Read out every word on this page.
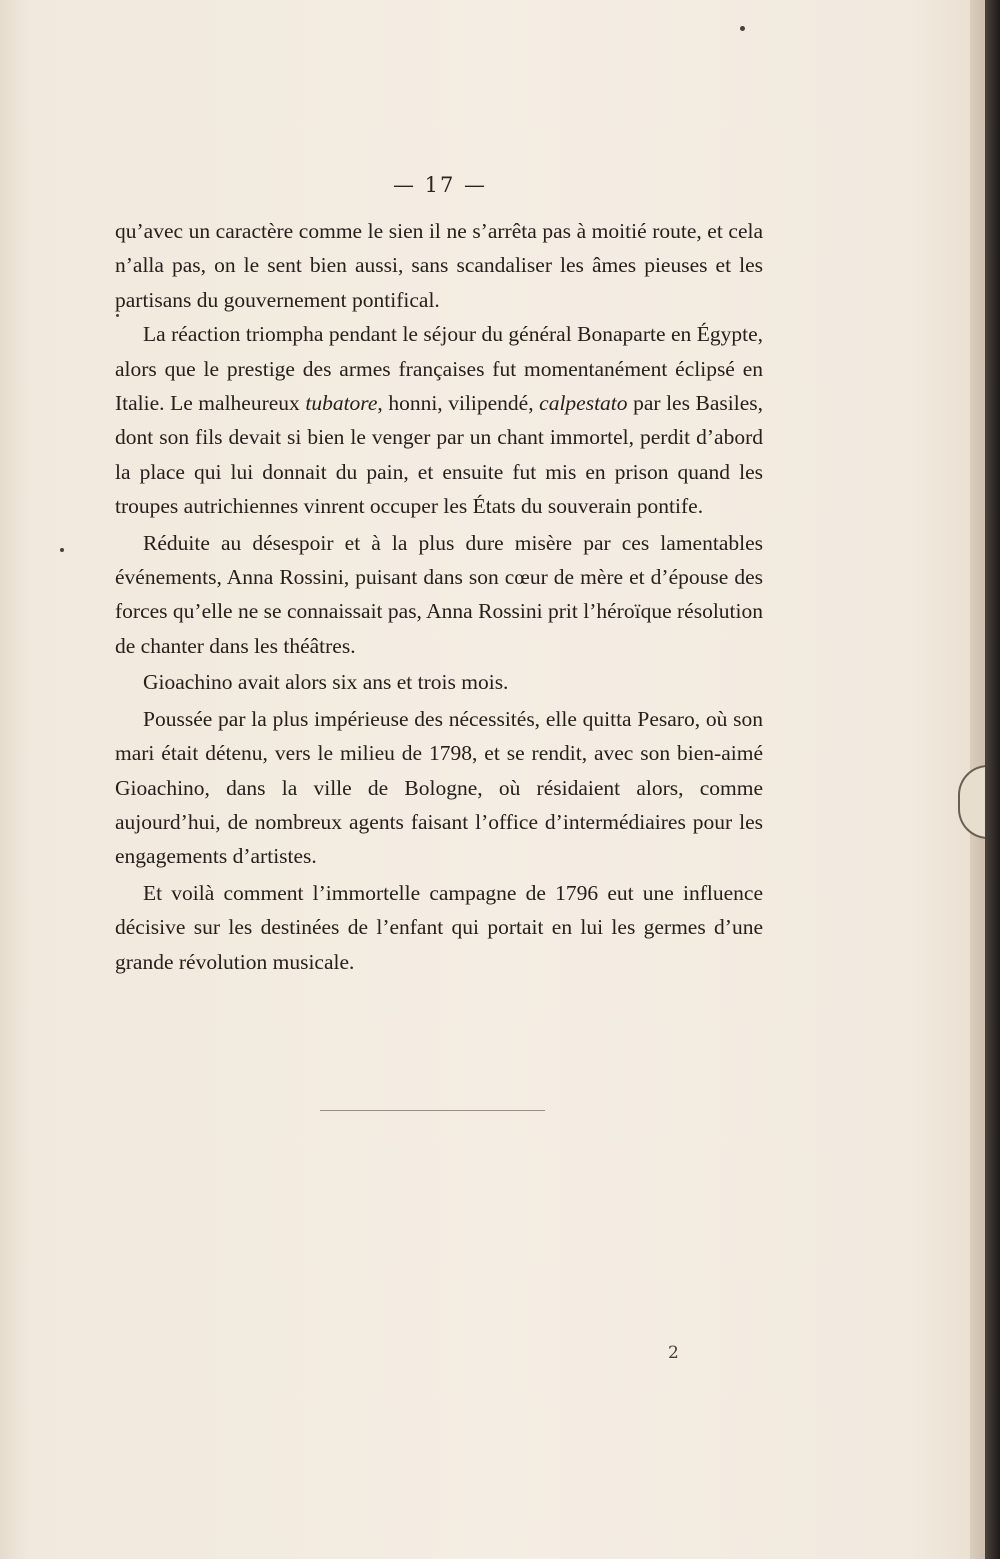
— 17 —

qu’avec un caractère comme le sien il ne s’arrêta pas à moitié route, et cela n’alla pas, on le sent bien aussi, sans scandaliser les âmes pieuses et les partisans du gouvernement pontifical.

La réaction triompha pendant le séjour du général Bonaparte en Égypte, alors que le prestige des armes françaises fut momentanément éclipsé en Italie. Le malheureux tubatore, honni, vilipendé, calpestato par les Basiles, dont son fils devait si bien le venger par un chant immortel, perdit d’abord la place qui lui donnait du pain, et ensuite fut mis en prison quand les troupes autrichiennes vinrent occuper les États du souverain pontife.

Réduite au désespoir et à la plus dure misère par ces lamentables événements, Anna Rossini, puisant dans son cœur de mère et d’épouse des forces qu’elle ne se connaissait pas, Anna Rossini prit l’héroïque résolution de chanter dans les théâtres.

Gioachino avait alors six ans et trois mois.

Poussée par la plus impérieuse des nécessités, elle quitta Pesaro, où son mari était détenu, vers le milieu de 1798, et se rendit, avec son bien-aimé Gioachino, dans la ville de Bologne, où résidaient alors, comme aujourd’hui, de nombreux agents faisant l’office d’intermédiaires pour les engagements d’artistes.

Et voilà comment l’immortelle campagne de 1796 eut une influence décisive sur les destinées de l’enfant qui portait en lui les germes d’une grande révolution musicale.

2
